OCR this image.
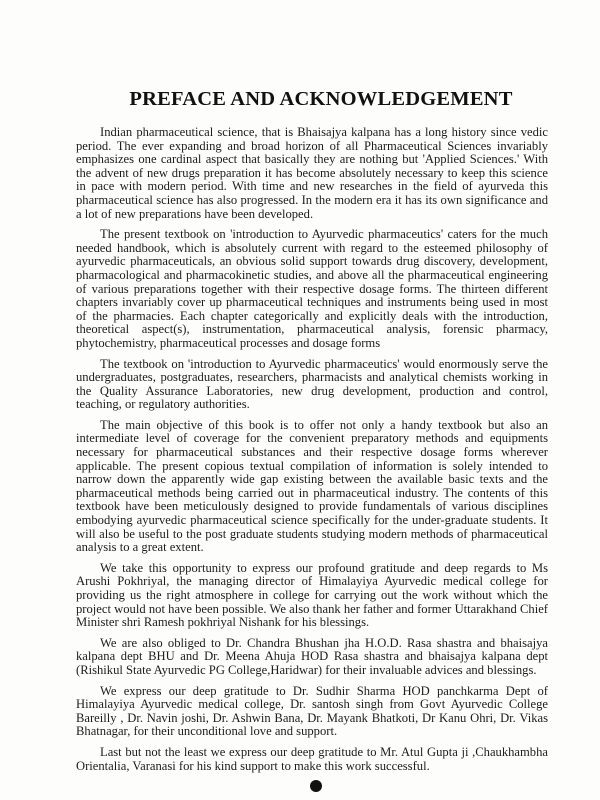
PREFACE AND ACKNOWLEDGEMENT

Indian pharmaceutical science, that is Bhaisajya kalpana has a long history since vedic period. The ever expanding and broad horizon of all Pharmaceutical Sciences invariably emphasizes one cardinal aspect that basically they are nothing but 'Applied Sciences.' With the advent of new drugs preparation it has become absolutely necessary to keep this science in pace with modern period. With time and new researches in the field of ayurveda this pharmaceutical science has also progressed. In the modern era it has its own significance and a lot of new preparations have been developed.

The present textbook on 'introduction to Ayurvedic pharmaceutics' caters for the much needed handbook, which is absolutely current with regard to the esteemed philosophy of ayurvedic pharmaceuticals, an obvious solid support towards drug discovery, development, pharmacological and pharmacokinetic studies, and above all the pharmaceutical engineering of various preparations together with their respective dosage forms. The thirteen different chapters invariably cover up pharmaceutical techniques and instruments being used in most of the pharmacies. Each chapter categorically and explicitly deals with the introduction, theoretical aspect(s), instrumentation, pharmaceutical analysis, forensic pharmacy, phytochemistry, pharmaceutical processes and dosage forms

The textbook on 'introduction to Ayurvedic pharmaceutics' would enormously serve the undergraduates, postgraduates, researchers, pharmacists and analytical chemists working in the Quality Assurance Laboratories, new drug development, production and control, teaching, or regulatory authorities.

The main objective of this book is to offer not only a handy textbook but also an intermediate level of coverage for the convenient preparatory methods and equipments necessary for pharmaceutical substances and their respective dosage forms wherever applicable. The present copious textual compilation of information is solely intended to narrow down the apparently wide gap existing between the available basic texts and the pharmaceutical methods being carried out in pharmaceutical industry. The contents of this textbook have been meticulously designed to provide fundamentals of various disciplines embodying ayurvedic pharmaceutical science specifically for the under-graduate students. It will also be useful to the post graduate students studying modern methods of pharmaceutical analysis to a great extent.

We take this opportunity to express our profound gratitude and deep regards to Ms Arushi Pokhriyal, the managing director of Himalayiya Ayurvedic medical college for providing us the right atmosphere in college for carrying out the work without which the project would not have been possible. We also thank her father and former Uttarakhand Chief Minister shri Ramesh pokhriyal Nishank for his blessings.

We are also obliged to Dr. Chandra Bhushan jha H.O.D. Rasa shastra and bhaisajya kalpana dept BHU and Dr. Meena Ahuja HOD Rasa shastra and bhaisajya kalpana dept (Rishikul State Ayurvedic PG College,Haridwar) for their invaluable advices and blessings.

We express our deep gratitude to Dr. Sudhir Sharma HOD panchkarma Dept of Himalayiya Ayurvedic medical college, Dr. santosh singh from Govt Ayurvedic College Bareilly , Dr. Navin joshi, Dr. Ashwin Bana, Dr. Mayank Bhatkoti, Dr Kanu Ohri, Dr. Vikas Bhatnagar, for their unconditional love and support.

Last but not the least we express our deep gratitude to Mr. Atul Gupta ji ,Chaukhambha Orientalia, Varanasi for his kind support to make this work successful.
